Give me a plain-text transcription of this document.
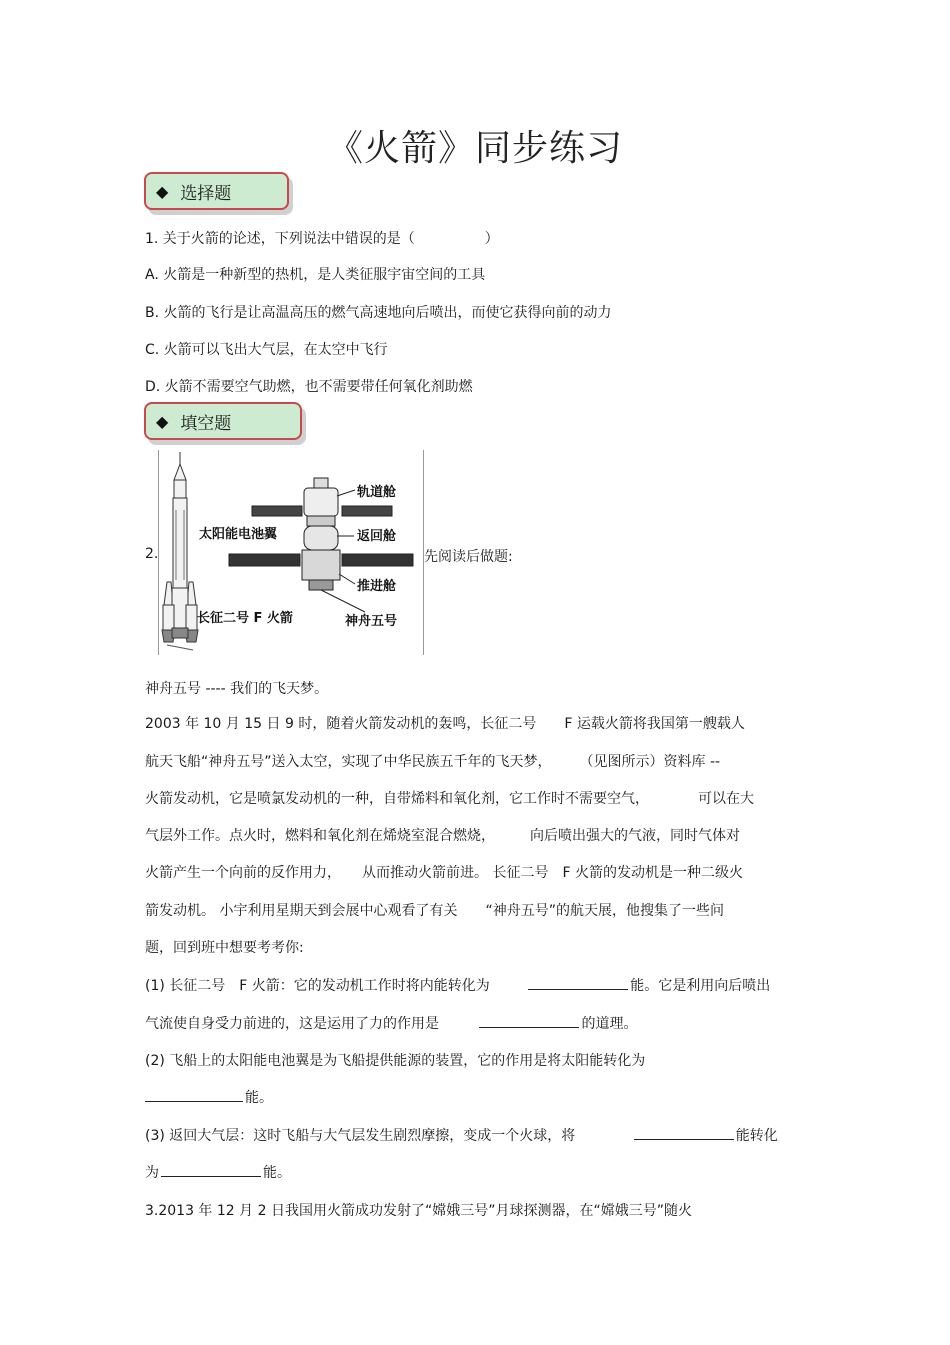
《火箭》同步练习
◆ 选择题
1. 关于火箭的论述，下列说法中错误的是（　　　　　）
A. 火箭是一种新型的热机，是人类征服宇宙空间的工具
B. 火箭的飞行是让高温高压的燃气高速地向后喷出，而使它获得向前的动力
C. 火箭可以飞出大气层，在太空中飞行
D. 火箭不需要空气助燃，也不需要带任何氧化剂助燃
◆ 填空题
2.
轨道舱
太阳能电池翼	返回舱
推进舱
长征二号 F 火箭	神舟五号
先阅读后做题:
神舟五号 ---- 我们的飞天梦。
2003 年 10 月 15 日 9 时，随着火箭发动机的轰鸣，长征二号　　F 运载火箭将我国第一艘载人
航天飞船“神舟五号”送入太空，实现了中华民族五千年的飞天梦，　　　（见图所示）资料库 --
火箭发动机，它是喷氯发动机的一种，自带烯料和氧化剂，它工作时不需要空气，　　　　可以在大
气层外工作。点火时，燃料和氧化剂在烯烧室混合燃烧，　　　向后喷出强大的气液，同时气体对
火箭产生一个向前的反作用力，　　从而推动火箭前进。 长征二号　F 火箭的发动机是一种二级火
箭发动机。 小宇利用星期天到会展中心观看了有关　　“神舟五号”的航天展，他搜集了一些问
题，回到班中想要考考你:
(1) 长征二号　F 火箭：它的发动机工作时将内能转化为	能。它是利用向后喷出
气流使自身受力前进的，这是运用了力的作用是	的道理。
(2) 飞船上的太阳能电池翼是为飞船提供能源的装置，它的作用是将太阳能转化为
能。
(3) 返回大气层：这时飞船与大气层发生剧烈摩擦，变成一个火球，将	能转化
为	能。
3.2013 年 12 月 2 日我国用火箭成功发射了“嫦娥三号”月球探测器，在“嫦娥三号”随火
